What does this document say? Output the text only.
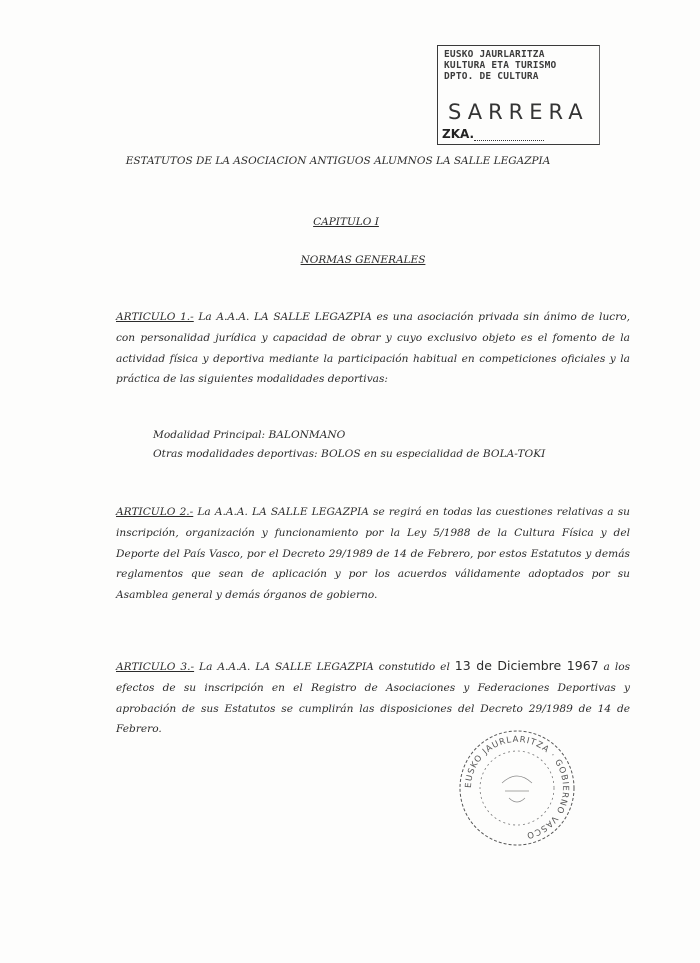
EUSKO JAURLARITZA
KULTURA ETA TURISMO
DPTO. DE CULTURA
SARRERA
ZKA.
ESTATUTOS DE LA ASOCIACION ANTIGUOS ALUMNOS LA SALLE LEGAZPIA
CAPITULO I
NORMAS GENERALES
ARTICULO 1.- La A.A.A. LA SALLE LEGAZPIA es una asociación privada sin ánimo de lucro, con personalidad jurídica y capacidad de obrar y cuyo exclusivo objeto es el fomento de la actividad física y deportiva mediante la participación habitual en competiciones oficiales y la práctica de las siguientes modalidades deportivas:
Modalidad Principal: BALONMANO
Otras modalidades deportivas: BOLOS en su especialidad de BOLA-TOKI
ARTICULO 2.- La A.A.A. LA SALLE LEGAZPIA se regirá en todas las cuestiones relativas a su inscripción, organización y funcionamiento por la Ley 5/1988 de la Cultura Física y del Deporte del País Vasco, por el Decreto 29/1989 de 14 de Febrero, por estos Estatutos y demás reglamentos que sean de aplicación y por los acuerdos válidamente adoptados por su Asamblea general y demás órganos de gobierno.
ARTICULO 3.- La A.A.A. LA SALLE LEGAZPIA constutido el 13 de Diciembre 1967 a los efectos de su inscripción en el Registro de Asociaciones y Federaciones Deportivas y aprobación de sus Estatutos se cumplirán las disposiciones del Decreto 29/1989 de 14 de Febrero.
EUSKO JAURLARITZA · GOBIERNO VASCO
